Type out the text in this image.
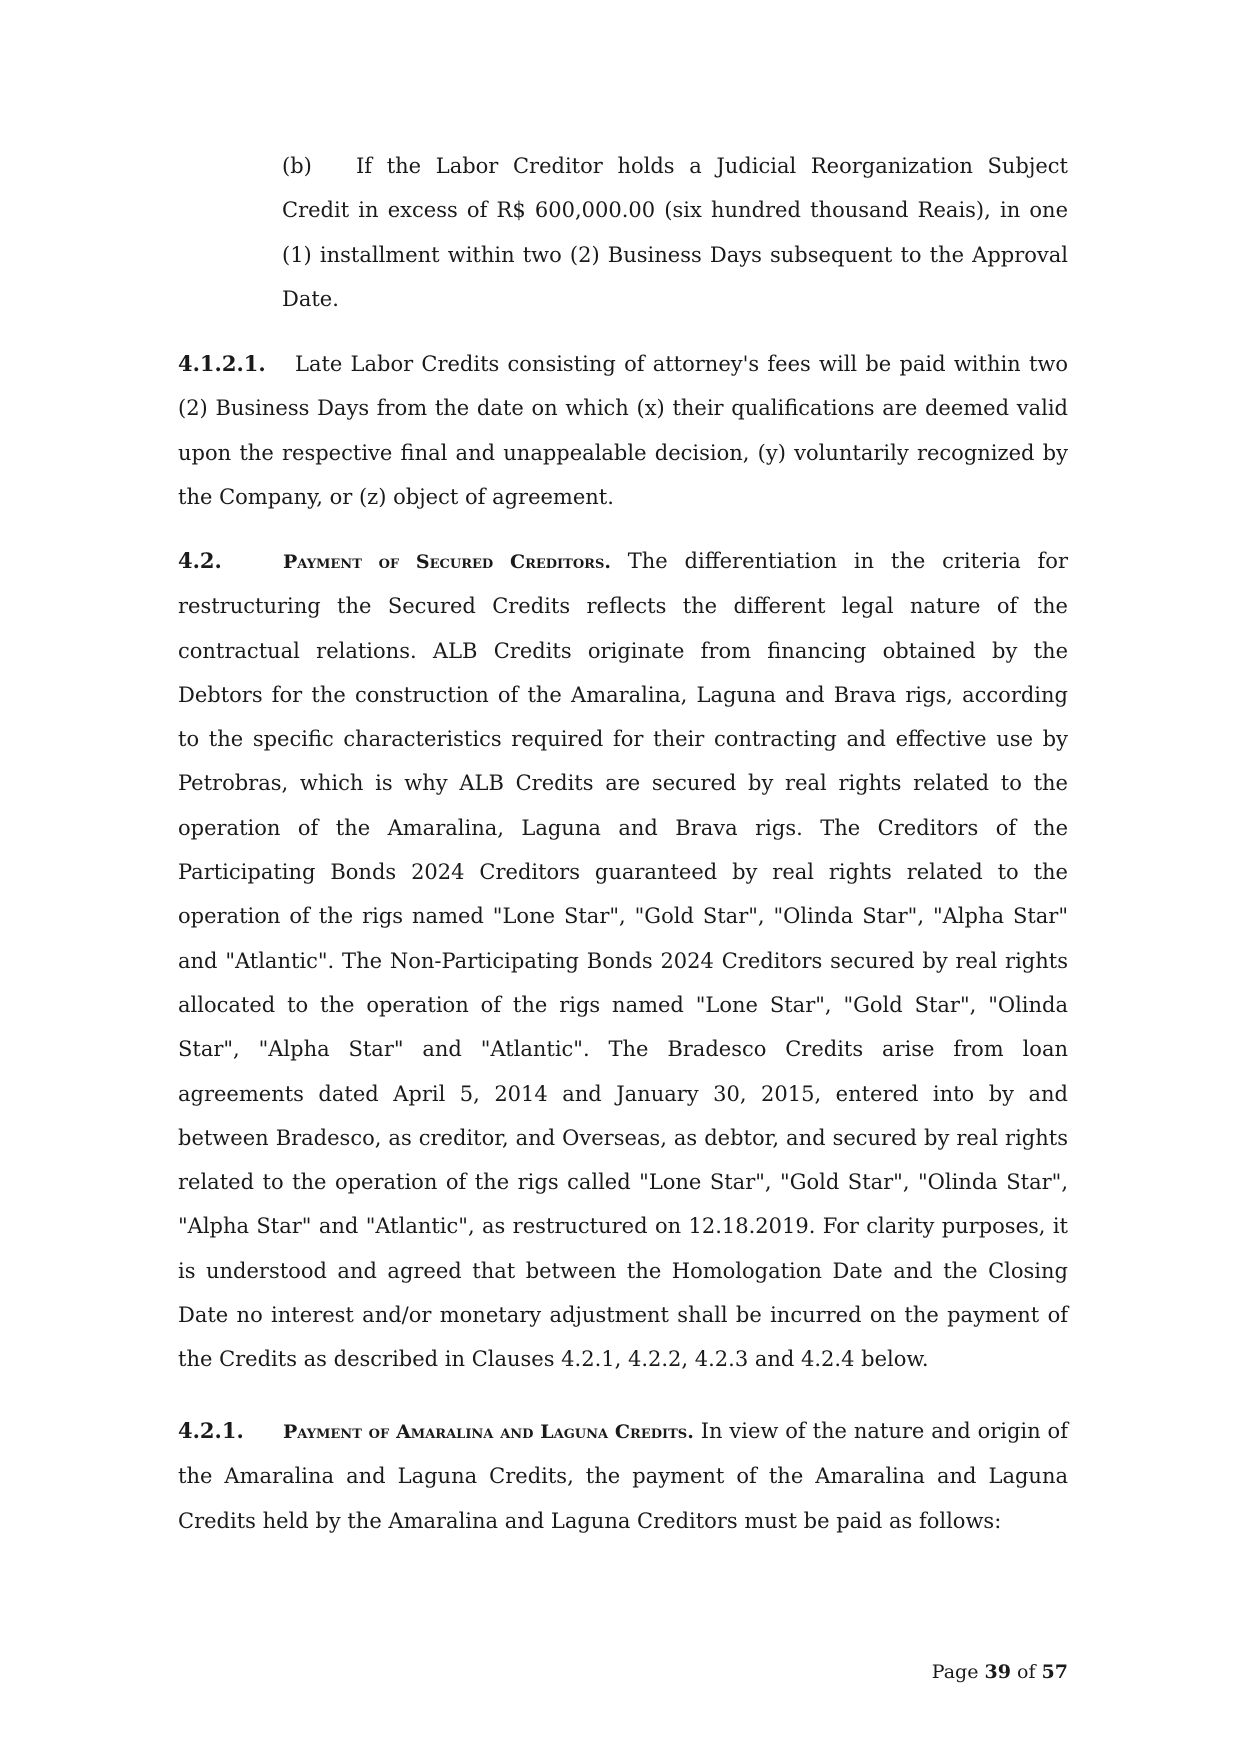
(b) If the Labor Creditor holds a Judicial Reorganization Subject Credit in excess of R$ 600,000.00 (six hundred thousand Reais), in one (1) installment within two (2) Business Days subsequent to the Approval Date.

4.1.2.1. Late Labor Credits consisting of attorney's fees will be paid within two (2) Business Days from the date on which (x) their qualifications are deemed valid upon the respective final and unappealable decision, (y) voluntarily recognized by the Company, or (z) object of agreement.

4.2.	Payment of Secured Creditors. The differentiation in the criteria for restructuring the Secured Credits reflects the different legal nature of the contractual relations. ALB Credits originate from financing obtained by the Debtors for the construction of the Amaralina, Laguna and Brava rigs, according to the specific characteristics required for their contracting and effective use by Petrobras, which is why ALB Credits are secured by real rights related to the operation of the Amaralina, Laguna and Brava rigs. The Creditors of the Participating Bonds 2024 Creditors guaranteed by real rights related to the operation of the rigs named "Lone Star", "Gold Star", "Olinda Star", "Alpha Star" and "Atlantic". The Non-Participating Bonds 2024 Creditors secured by real rights allocated to the operation of the rigs named "Lone Star", "Gold Star", "Olinda Star", "Alpha Star" and "Atlantic". The Bradesco Credits arise from loan agreements dated April 5, 2014 and January 30, 2015, entered into by and between Bradesco, as creditor, and Overseas, as debtor, and secured by real rights related to the operation of the rigs called "Lone Star", "Gold Star", "Olinda Star", "Alpha Star" and "Atlantic", as restructured on 12.18.2019. For clarity purposes, it is understood and agreed that between the Homologation Date and the Closing Date no interest and/or monetary adjustment shall be incurred on the payment of the Credits as described in Clauses 4.2.1, 4.2.2, 4.2.3 and 4.2.4 below.

4.2.1. Payment of Amaralina and Laguna Credits. In view of the nature and origin of the Amaralina and Laguna Credits, the payment of the Amaralina and Laguna Credits held by the Amaralina and Laguna Creditors must be paid as follows:

Page 39 of 57
